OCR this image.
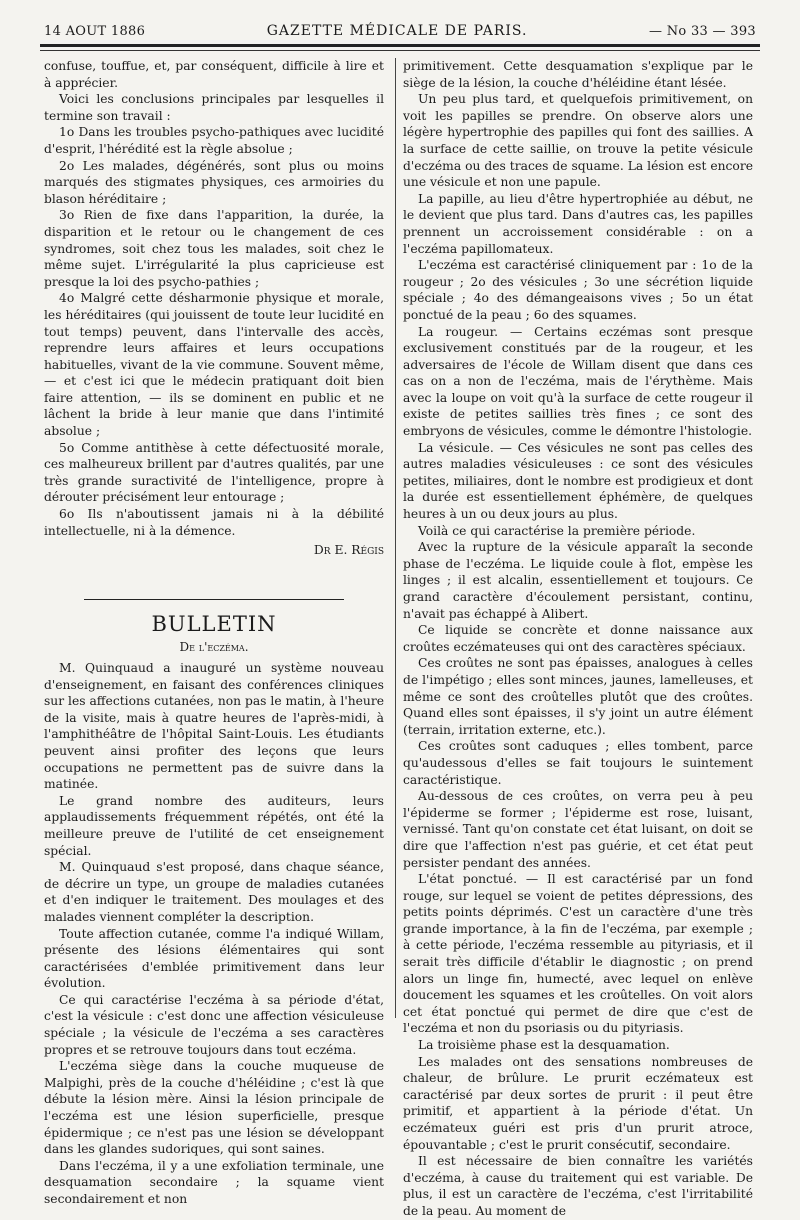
14 AOUT 1886	GAZETTE MÉDICALE DE PARIS.	— No 33 — 393

confuse, touffue, et, par conséquent, difficile à lire et à apprécier.

Voici les conclusions principales par lesquelles il termine son travail :

1o Dans les troubles psycho-pathiques avec lucidité d'esprit, l'hérédité est la règle absolue ;

2o Les malades, dégénérés, sont plus ou moins marqués des stigmates physiques, ces armoiries du blason héréditaire ;

3o Rien de fixe dans l'apparition, la durée, la disparition et le retour ou le changement de ces syndromes, soit chez tous les malades, soit chez le même sujet. L'irrégularité la plus capricieuse est presque la loi des psycho-pathies ;

4o Malgré cette désharmonie physique et morale, les héréditaires (qui jouissent de toute leur lucidité en tout temps) peuvent, dans l'intervalle des accès, reprendre leurs affaires et leurs occupations habituelles, vivant de la vie commune. Souvent même, — et c'est ici que le médecin pratiquant doit bien faire attention, — ils se dominent en public et ne lâchent la bride à leur manie que dans l'intimité absolue ;

5o Comme antithèse à cette défectuosité morale, ces malheureux brillent par d'autres qualités, par une très grande suractivité de l'intelligence, propre à dérouter précisément leur entourage ;

6o Ils n'aboutissent jamais ni à la débilité intellectuelle, ni à la démence.

Dr E. Régis

BULLETIN
De l'eczéma.

M. Quinquaud a inauguré un système nouveau d'enseignement, en faisant des conférences cliniques sur les affections cutanées, non pas le matin, à l'heure de la visite, mais à quatre heures de l'après-midi, à l'amphithéâtre de l'hôpital Saint-Louis. Les étudiants peuvent ainsi profiter des leçons que leurs occupations ne permettent pas de suivre dans la matinée.

Le grand nombre des auditeurs, leurs applaudissements fréquemment répétés, ont été la meilleure preuve de l'utilité de cet enseignement spécial.

M. Quinquaud s'est proposé, dans chaque séance, de décrire un type, un groupe de maladies cutanées et d'en indiquer le traitement. Des moulages et des malades viennent compléter la description.

Toute affection cutanée, comme l'a indiqué Willam, présente des lésions élémentaires qui sont caractérisées d'emblée primitivement dans leur évolution.

Ce qui caractérise l'eczéma à sa période d'état, c'est la vésicule : c'est donc une affection vésiculeuse spéciale ; la vésicule de l'eczéma a ses caractères propres et se retrouve toujours dans tout eczéma.

L'eczéma siège dans la couche muqueuse de Malpighi, près de la couche d'héléidine ; c'est là que débute la lésion mère. Ainsi la lésion principale de l'eczéma est une lésion superficielle, presque épidermique ; ce n'est pas une lésion se développant dans les glandes sudoriques, qui sont saines.

Dans l'eczéma, il y a une exfoliation terminale, une desquamation secondaire ; la squame vient secondairement et non

primitivement. Cette desquamation s'explique par le siège de la lésion, la couche d'héléidine étant lésée.

Un peu plus tard, et quelquefois primitivement, on voit les papilles se prendre. On observe alors une légère hypertrophie des papilles qui font des saillies. A la surface de cette saillie, on trouve la petite vésicule d'eczéma ou des traces de squame. La lésion est encore une vésicule et non une papule.

La papille, au lieu d'être hypertrophiée au début, ne le devient que plus tard. Dans d'autres cas, les papilles prennent un accroissement considérable : on a l'eczéma papillomateux.

L'eczéma est caractérisé cliniquement par : 1o de la rougeur ; 2o des vésicules ; 3o une sécrétion liquide spéciale ; 4o des démangeaisons vives ; 5o un état ponctué de la peau ; 6o des squames.

La rougeur. — Certains eczémas sont presque exclusivement constitués par de la rougeur, et les adversaires de l'école de Willam disent que dans ces cas on a non de l'eczéma, mais de l'érythème. Mais avec la loupe on voit qu'à la surface de cette rougeur il existe de petites saillies très fines ; ce sont des embryons de vésicules, comme le démontre l'histologie.

La vésicule. — Ces vésicules ne sont pas celles des autres maladies vésiculeuses : ce sont des vésicules petites, miliaires, dont le nombre est prodigieux et dont la durée est essentiellement éphémère, de quelques heures à un ou deux jours au plus.

Voilà ce qui caractérise la première période.

Avec la rupture de la vésicule apparaît la seconde phase de l'eczéma. Le liquide coule à flot, empèse les linges ; il est alcalin, essentiellement et toujours. Ce grand caractère d'écoulement persistant, continu, n'avait pas échappé à Alibert.

Ce liquide se concrète et donne naissance aux croûtes eczémateuses qui ont des caractères spéciaux.

Ces croûtes ne sont pas épaisses, analogues à celles de l'impétigo ; elles sont minces, jaunes, lamelleuses, et même ce sont des croûtelles plutôt que des croûtes. Quand elles sont épaisses, il s'y joint un autre élément (terrain, irritation externe, etc.).

Ces croûtes sont caduques ; elles tombent, parce qu'audessous d'elles se fait toujours le suintement caractéristique.

Au-dessous de ces croûtes, on verra peu à peu l'épiderme se former ; l'épiderme est rose, luisant, vernissé. Tant qu'on constate cet état luisant, on doit se dire que l'affection n'est pas guérie, et cet état peut persister pendant des années.

L'état ponctué. — Il est caractérisé par un fond rouge, sur lequel se voient de petites dépressions, des petits points déprimés. C'est un caractère d'une très grande importance, à la fin de l'eczéma, par exemple ; à cette période, l'eczéma ressemble au pityriasis, et il serait très difficile d'établir le diagnostic ; on prend alors un linge fin, humecté, avec lequel on enlève doucement les squames et les croûtelles. On voit alors cet état ponctué qui permet de dire que c'est de l'eczéma et non du psoriasis ou du pityriasis.

La troisième phase est la desquamation.

Les malades ont des sensations nombreuses de chaleur, de brûlure. Le prurit eczémateux est caractérisé par deux sortes de prurit : il peut être primitif, et appartient à la période d'état. Un eczémateux guéri est pris d'un prurit atroce, épouvantable ; c'est le prurit consécutif, secondaire.

Il est nécessaire de bien connaître les variétés d'eczéma, à cause du traitement qui est variable. De plus, il est un caractère de l'eczéma, c'est l'irritabilité de la peau. Au moment de
